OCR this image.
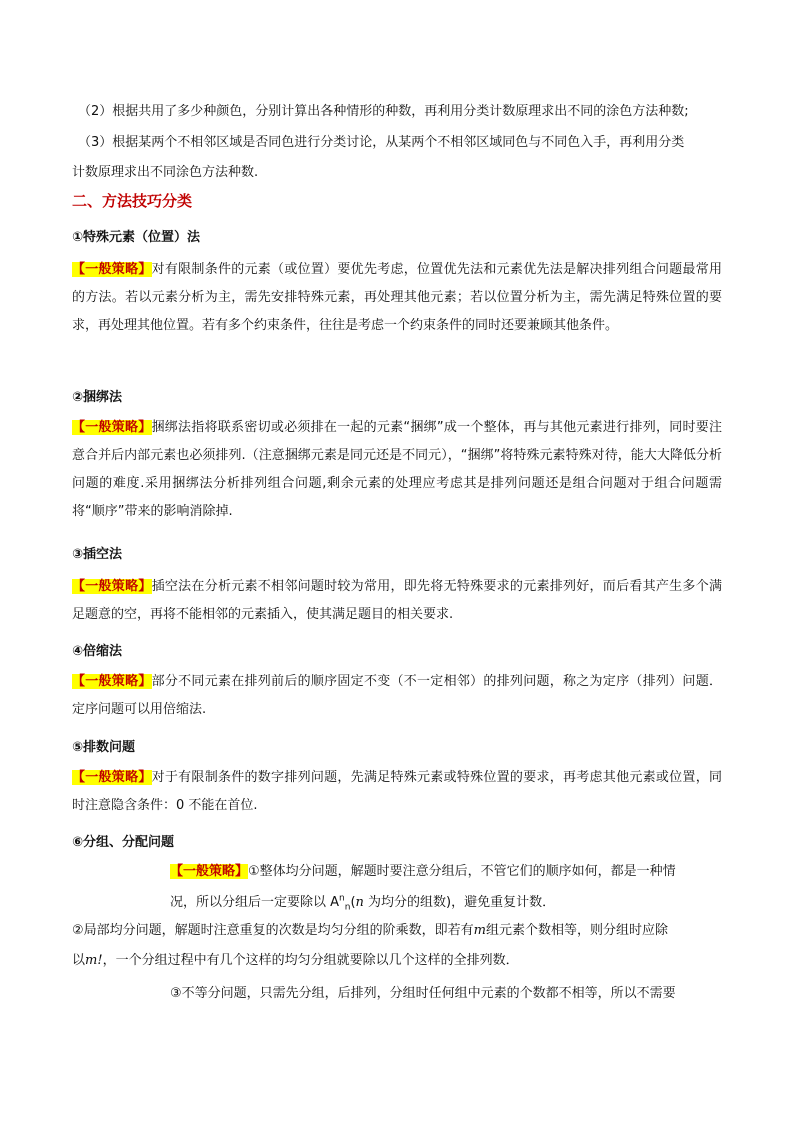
（2）根据共用了多少种颜色，分别计算出各种情形的种数，再利用分类计数原理求出不同的涂色方法种数;
（3）根据某两个不相邻区域是否同色进行分类讨论，从某两个不相邻区域同色与不同色入手，再利用分类
计数原理求出不同涂色方法种数.
二、方法技巧分类
①特殊元素（位置）法
【一般策略】对有限制条件的元素（或位置）要优先考虑，位置优先法和元素优先法是解决排列组合问题最常用的方法。若以元素分析为主，需先安排特殊元素，再处理其他元素；若以位置分析为主，需先满足特殊位置的要求，再处理其他位置。若有多个约束条件，往往是考虑一个约束条件的同时还要兼顾其他条件。
②捆绑法
【一般策略】捆绑法指将联系密切或必须排在一起的元素“捆绑”成一个整体，再与其他元素进行排列，同时要注意合并后内部元素也必须排列.（注意捆绑元素是同元还是不同元），“捆绑”将特殊元素特殊对待，能大大降低分析问题的难度.采用捆绑法分析排列组合问题,剩余元素的处理应考虑其是排列问题还是组合问题对于组合问题需将“顺序”带来的影响消除掉.
③插空法
【一般策略】插空法在分析元素不相邻问题时较为常用，即先将无特殊要求的元素排列好，而后看其产生多个满足题意的空，再将不能相邻的元素插入，使其满足题目的相关要求.
④倍缩法
【一般策略】部分不同元素在排列前后的顺序固定不变（不一定相邻）的排列问题，称之为定序（排列）问题．定序问题可以用倍缩法.
⑤排数问题
【一般策略】对于有限制条件的数字排列问题，先满足特殊元素或特殊位置的要求，再考虑其他元素或位置，同时注意隐含条件：0 不能在首位.
⑥分组、分配问题
【一般策略】①整体均分问题，解题时要注意分组后，不管它们的顺序如何，都是一种情
况，所以分组后一定要除以 $A^n_n(n$ 为均分的组数)，避免重复计数．
②局部均分问题，解题时注意重复的次数是均匀分组的阶乘数，即若有m组元素个数相等，则分组时应除
以m!，一个分组过程中有几个这样的均匀分组就要除以几个这样的全排列数．
③不等分问题，只需先分组，后排列，分组时任何组中元素的个数都不相等，所以不需要
